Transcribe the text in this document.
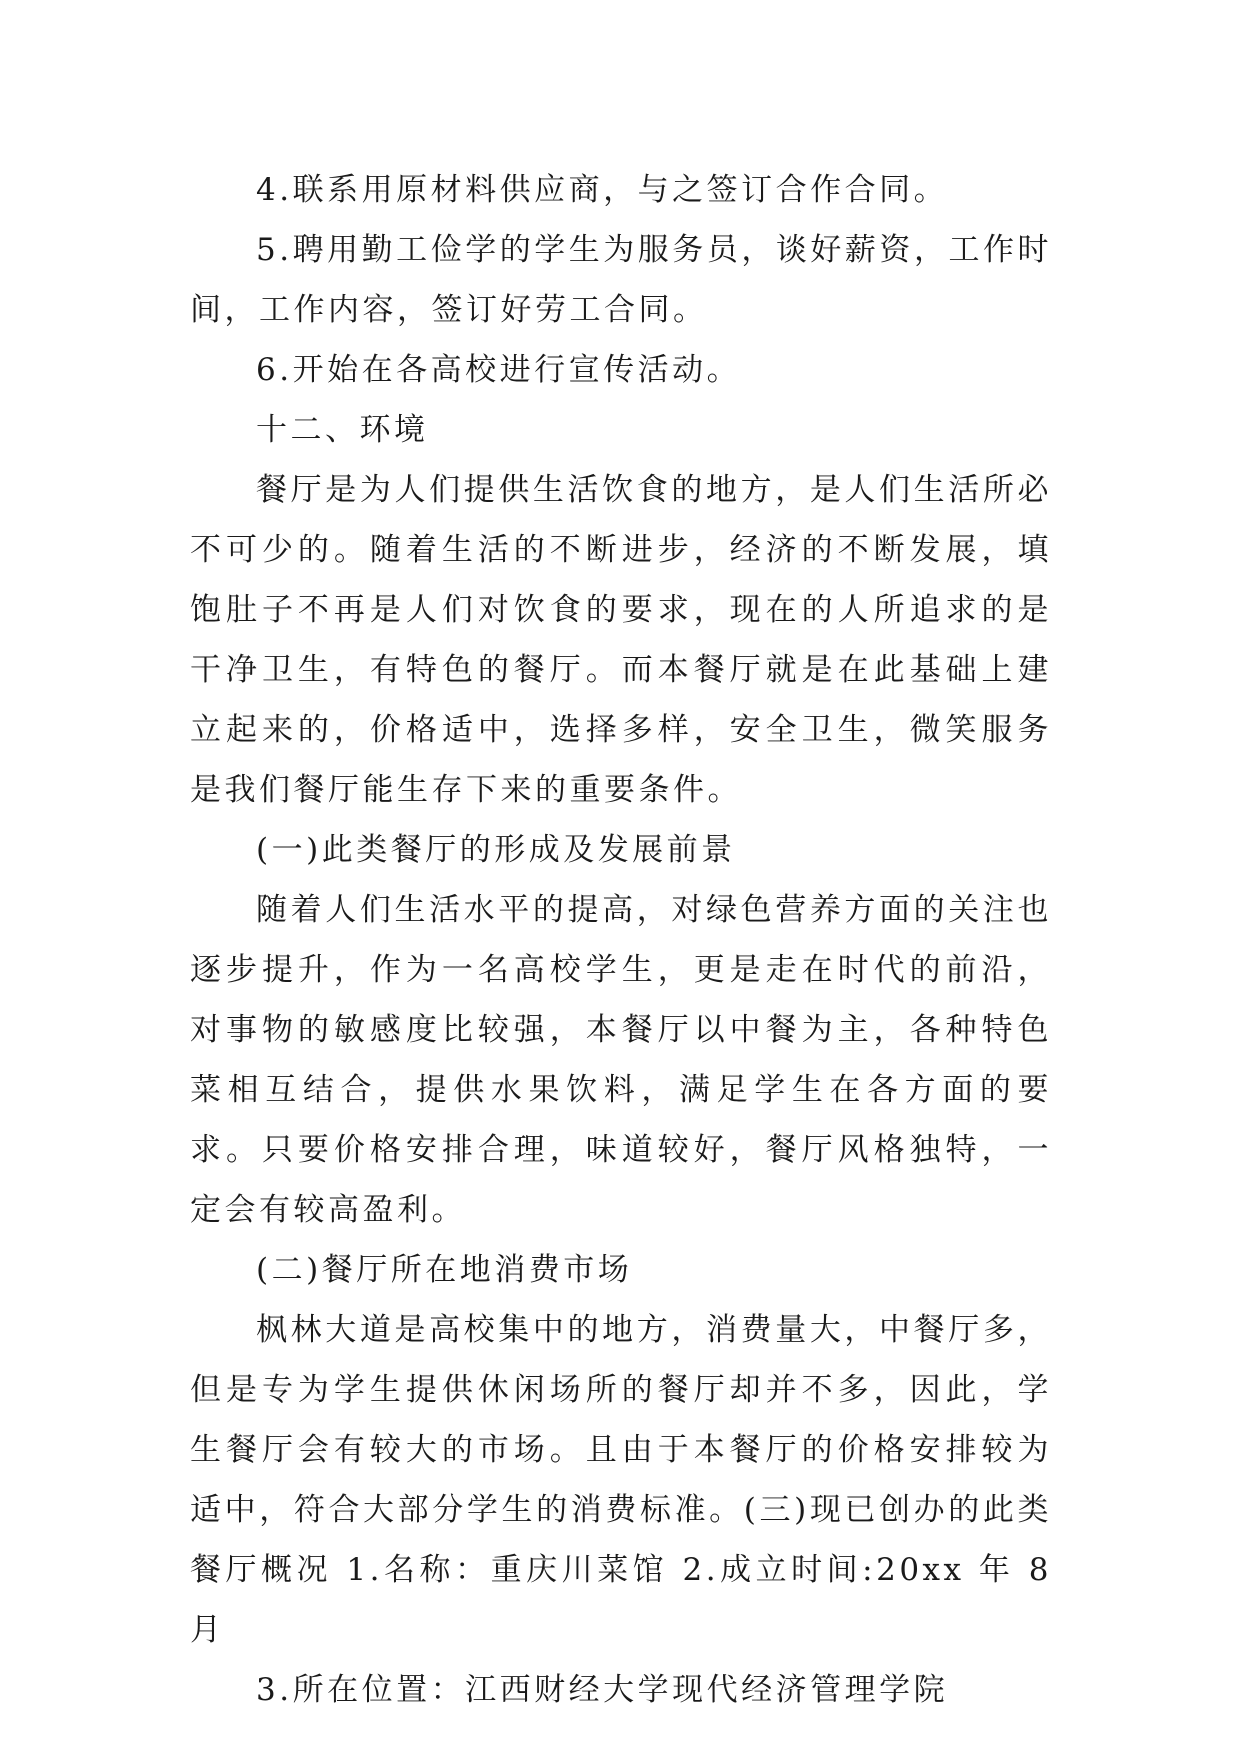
4.联系用原材料供应商，与之签订合作合同。

5.聘用勤工俭学的学生为服务员，谈好薪资，工作时间，工作内容，签订好劳工合同。

6.开始在各高校进行宣传活动。

十二、环境

餐厅是为人们提供生活饮食的地方，是人们生活所必不可少的。随着生活的不断进步，经济的不断发展，填饱肚子不再是人们对饮食的要求，现在的人所追求的是干净卫生，有特色的餐厅。而本餐厅就是在此基础上建立起来的，价格适中，选择多样，安全卫生，微笑服务是我们餐厅能生存下来的重要条件。

(一)此类餐厅的形成及发展前景

随着人们生活水平的提高，对绿色营养方面的关注也逐步提升，作为一名高校学生，更是走在时代的前沿，对事物的敏感度比较强，本餐厅以中餐为主，各种特色菜相互结合，提供水果饮料，满足学生在各方面的要求。只要价格安排合理，味道较好，餐厅风格独特，一定会有较高盈利。

(二)餐厅所在地消费市场

枫林大道是高校集中的地方，消费量大，中餐厅多，但是专为学生提供休闲场所的餐厅却并不多，因此，学生餐厅会有较大的市场。且由于本餐厅的价格安排较为适中，符合大部分学生的消费标准。(三)现已创办的此类餐厅概况 1.名称：重庆川菜馆 2.成立时间:20xx 年 8 月

3.所在位置：江西财经大学现代经济管理学院
